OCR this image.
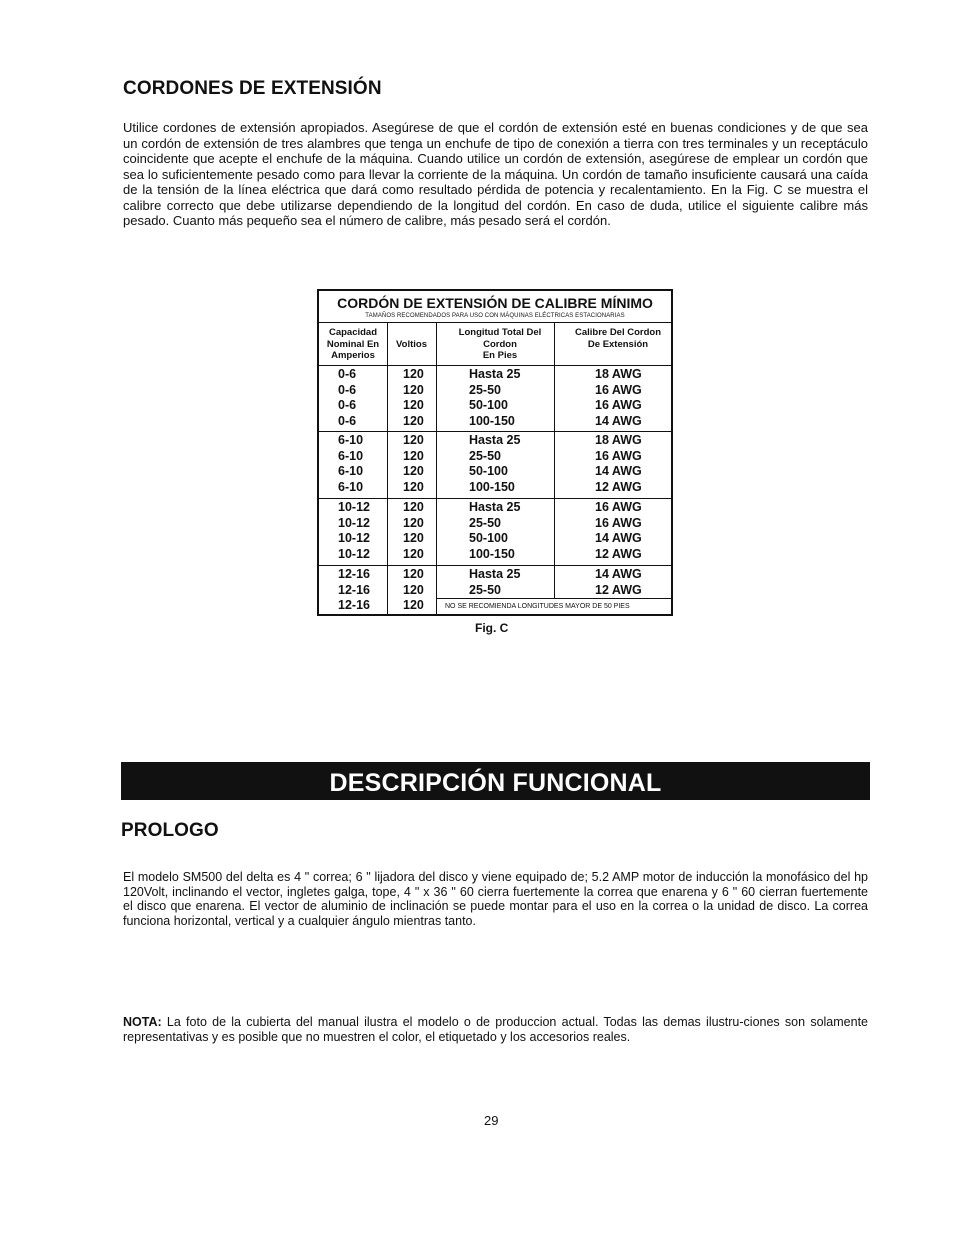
CORDONES DE EXTENSIÓN
Utilice cordones de extensión apropiados. Asegúrese de que el cordón de extensión esté en buenas condiciones y de que sea un cordón de extensión de tres alambres que tenga un enchufe de tipo de conexión a tierra con tres terminales y un receptáculo coincidente que acepte el enchufe de la máquina. Cuando utilice un cordón de extensión, asegúrese de emplear un cordón que sea lo suficientemente pesado como para llevar la corriente de la máquina. Un cordón de tamaño insuficiente causará una caída de la tensión de la línea eléctrica que dará como resultado pérdida de potencia y recalentamiento. En la Fig. C se muestra el calibre correcto que debe utilizarse dependiendo de la longitud del cordón. En caso de duda, utilice el siguiente calibre más pesado. Cuanto más pequeño sea el número de calibre, más pesado será el cordón.
CORDÓN DE EXTENSIÓN DE CALIBRE MÍNIMO
TAMAÑOS RECOMENDADOS PARA USO CON MÁQUINAS ELÉCTRICAS ESTACIONARIAS
Capacidad
Nominal En
Amperios
Voltios
Longitud Total Del
Cordon
En Pies
Calibre Del Cordon
De Extensión
0-6
0-6
0-6
0-6
120
120
120
120
Hasta 25
25-50
50-100
100-150
18 AWG
16 AWG
16 AWG
14 AWG
6-10
6-10
6-10
6-10
120
120
120
120
Hasta 25
25-50
50-100
100-150
18 AWG
16 AWG
14 AWG
12 AWG
10-12
10-12
10-12
10-12
120
120
120
120
Hasta 25
25-50
50-100
100-150
16 AWG
16 AWG
14 AWG
12 AWG
12-16
12-16
12-16
120
120
120
Hasta 25
25-50
14 AWG
12 AWG
NO SE RECOMIENDA LONGITUDES MAYOR DE 50 PIES
Fig. C
DESCRIPCIÓN FUNCIONAL
PROLOGO
El modelo SM500 del delta es 4 " correa; 6 " lijadora del disco y viene equipado de; 5.2 AMP motor de inducción la monofásico del hp 120Volt, inclinando el vector, ingletes galga, tope, 4 " x 36 " 60 cierra fuertemente la correa que enarena y 6 " 60 cierran fuertemente el disco que enarena. El vector de aluminio de inclinación se puede montar para el uso en la correa o la unidad de disco. La correa funciona horizontal, vertical y a cualquier ángulo mientras tanto.
NOTA: La foto de la cubierta del manual ilustra el modelo o de produccion actual. Todas las demas ilustru-ciones son solamente representativas y es posible que no muestren el color, el etiquetado y los accesorios reales.
29
